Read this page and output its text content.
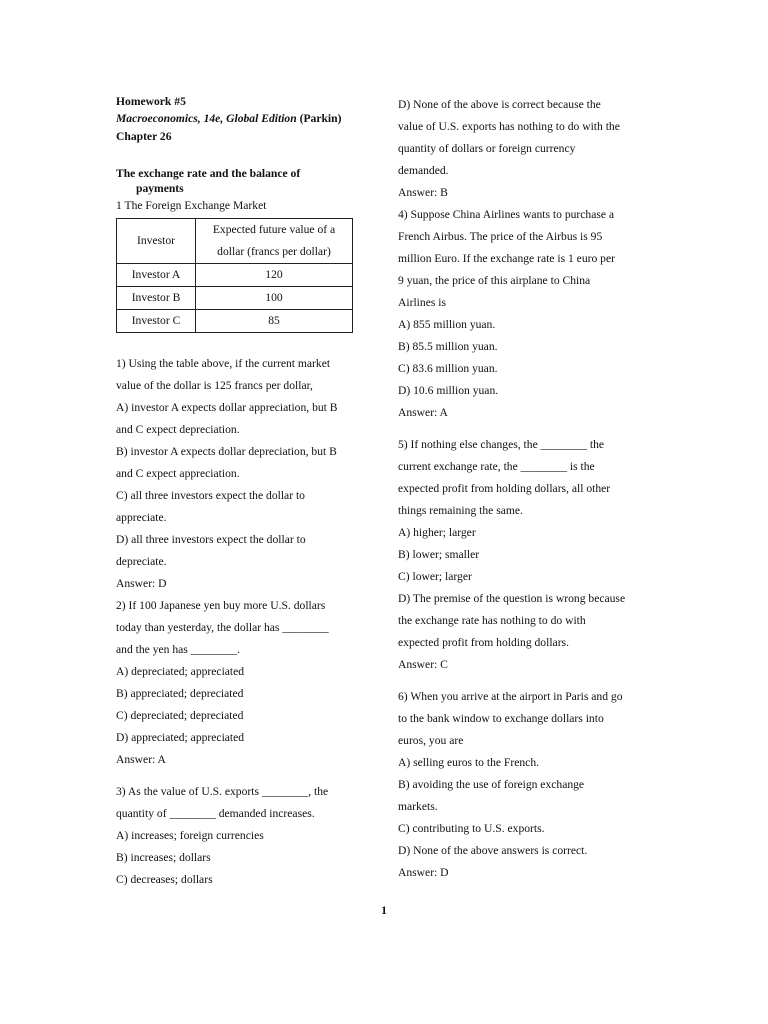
Homework #5
Macroeconomics, 14e, Global Edition (Parkin)
Chapter 26
The exchange rate and the balance of
payments
1 The Foreign Exchange Market
Investor	Expected future value of a
dollar (francs per dollar)

Investor A	120
Investor B	100
Investor C	85
1) Using the table above, if the current market
value of the dollar is 125 francs per dollar,
A) investor A expects dollar appreciation, but B
and C expect depreciation.
B) investor A expects dollar depreciation, but B
and C expect appreciation.
C) all three investors expect the dollar to
appreciate.
D) all three investors expect the dollar to
depreciate.
Answer: D
2) If 100 Japanese yen buy more U.S. dollars
today than yesterday, the dollar has ________
and the yen has ________.
A) depreciated; appreciated
B) appreciated; depreciated
C) depreciated; depreciated
D) appreciated; appreciated
Answer: A
3) As the value of U.S. exports ________, the
quantity of ________ demanded increases.
A) increases; foreign currencies
B) increases; dollars
C) decreases; dollars
D) None of the above is correct because the
value of U.S. exports has nothing to do with the
quantity of dollars or foreign currency
demanded.
Answer: B
4) Suppose China Airlines wants to purchase a
French Airbus. The price of the Airbus is 95
million Euro. If the exchange rate is 1 euro per
9 yuan, the price of this airplane to China
Airlines is
A) 855 million yuan.
B) 85.5 million yuan.
C) 83.6 million yuan.
D) 10.6 million yuan.
Answer: A
5) If nothing else changes, the ________ the
current exchange rate, the ________ is the
expected profit from holding dollars, all other
things remaining the same.
A) higher; larger
B) lower; smaller
C) lower; larger
D) The premise of the question is wrong because
the exchange rate has nothing to do with
expected profit from holding dollars.
Answer: C
6) When you arrive at the airport in Paris and go
to the bank window to exchange dollars into
euros, you are
A) selling euros to the French.
B) avoiding the use of foreign exchange
markets.
C) contributing to U.S. exports.
D) None of the above answers is correct.
Answer: D
1
